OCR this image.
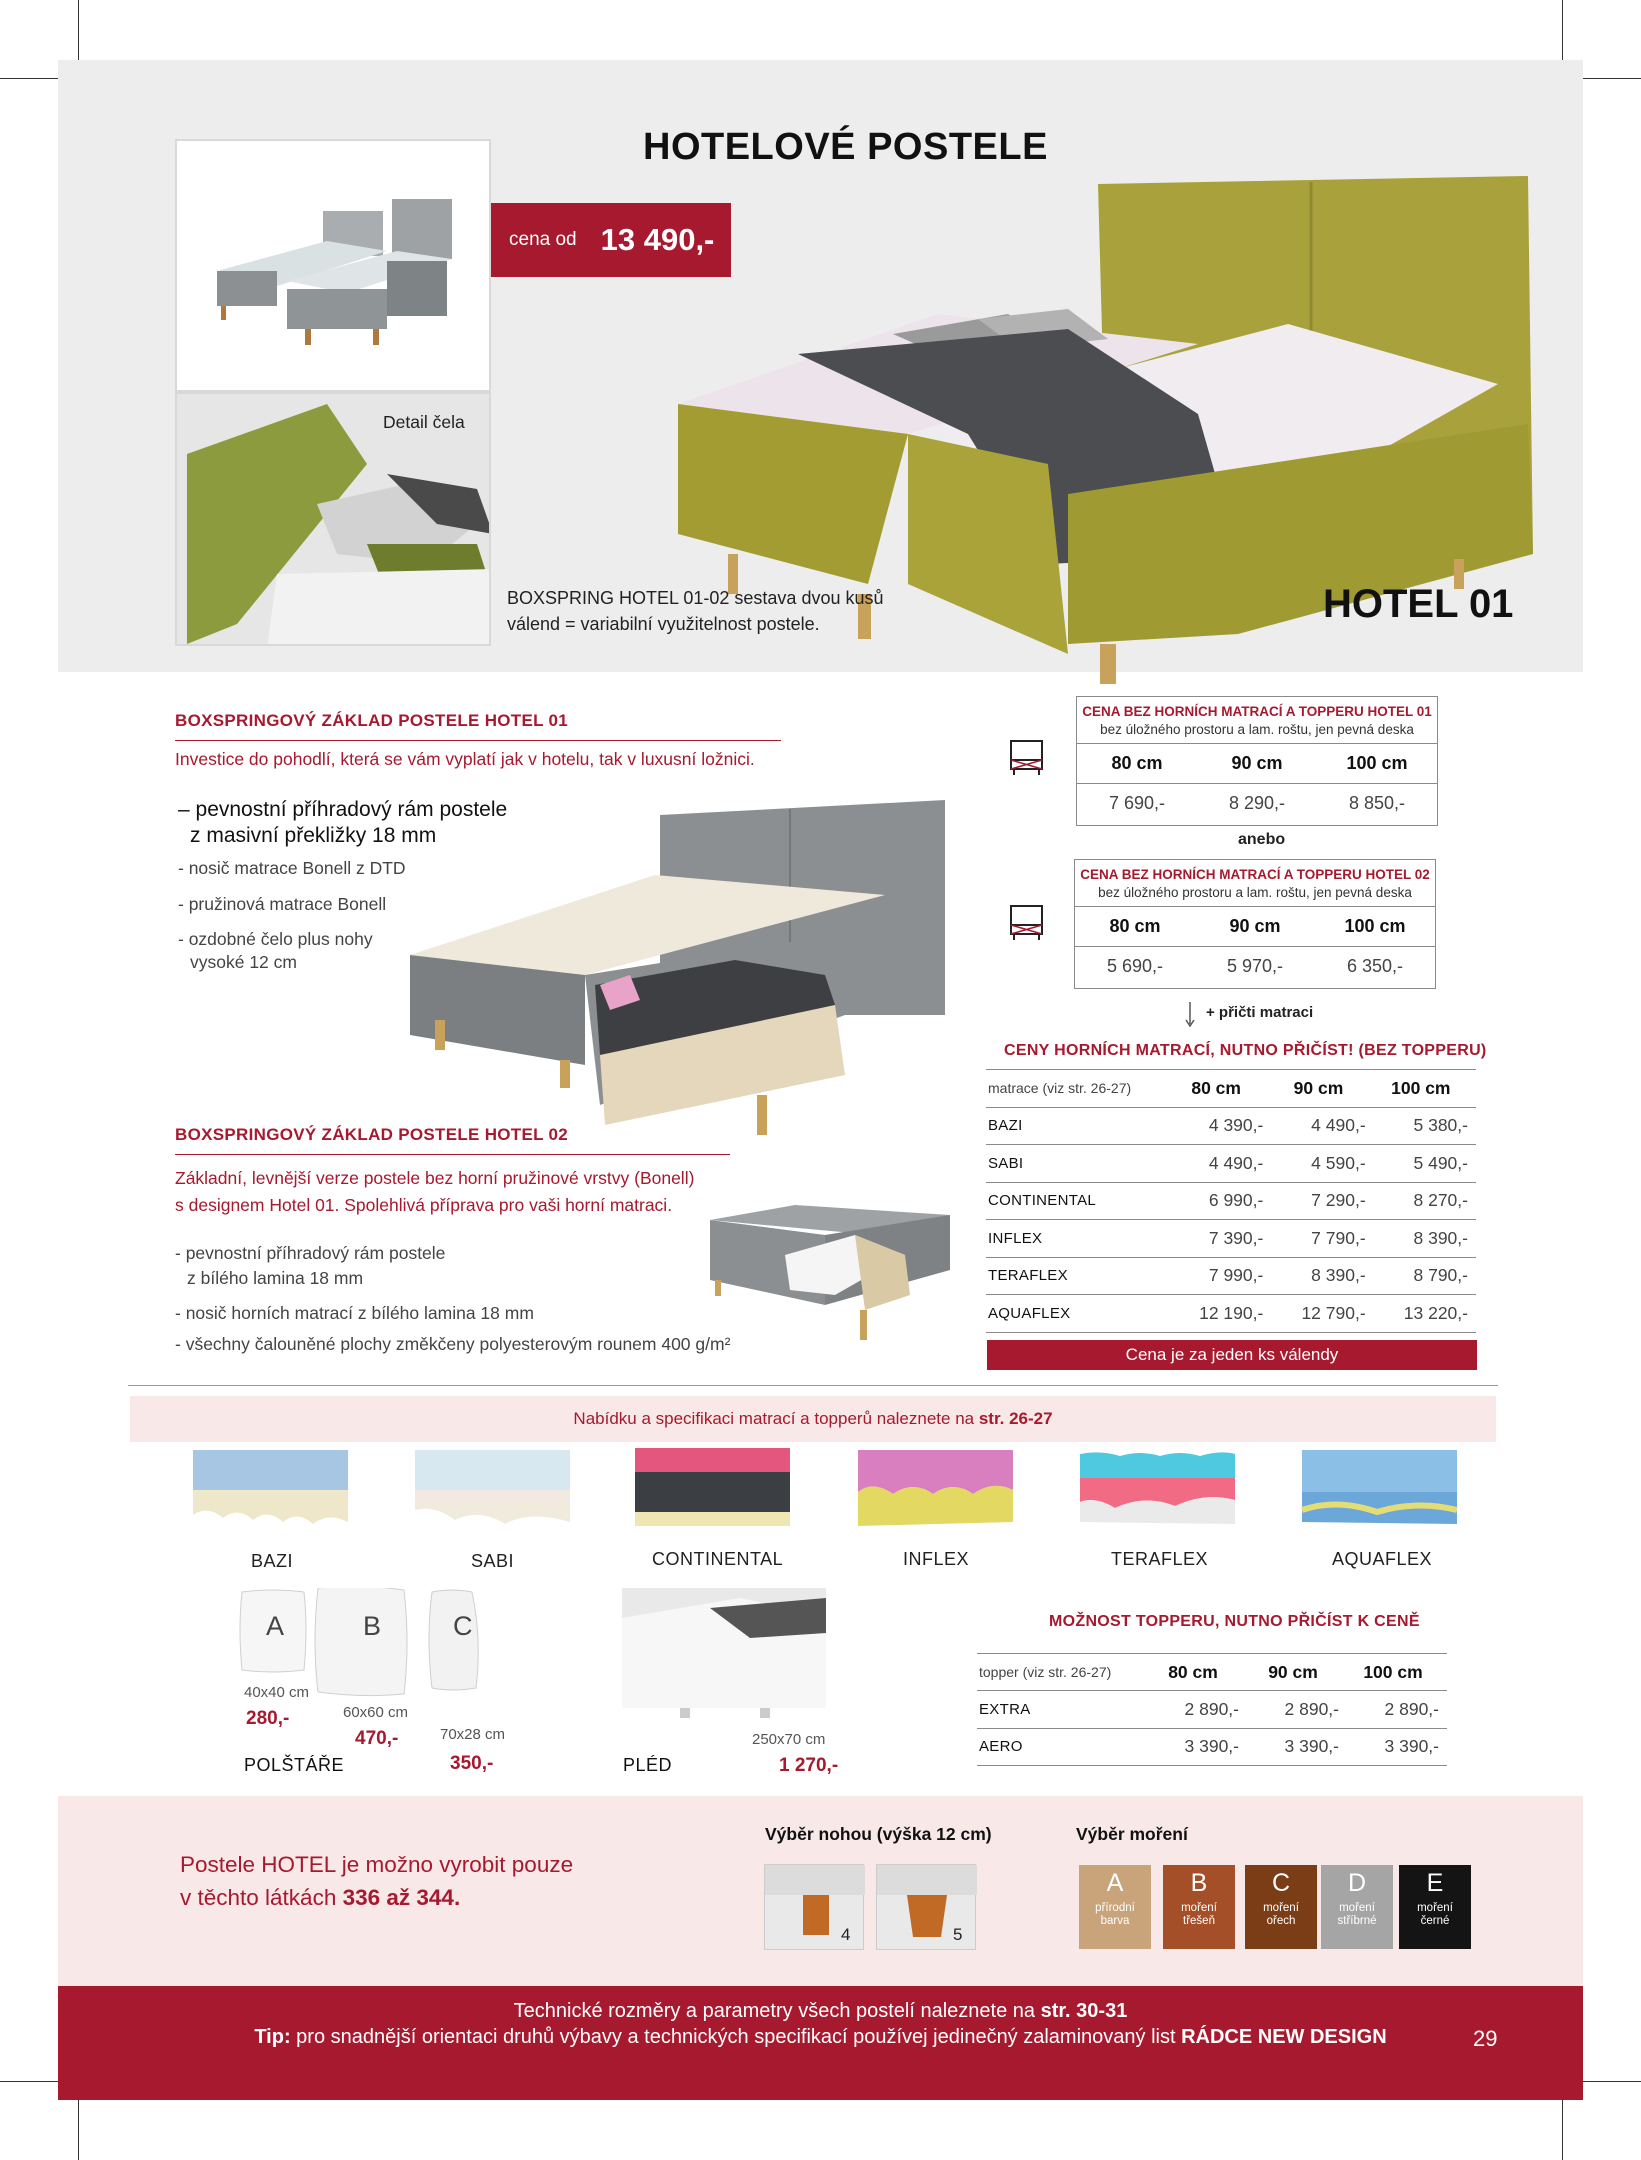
Detail čela
HOTELOVÉ POSTELE
cena od 13 490,-
BOXSPRING HOTEL 01-02 sestava dvou kusů
válend = variabilní využitelnost postele.	HOTEL 01
BOXSPRINGOVÝ ZÁKLAD POSTELE HOTEL 01
Investice do pohodlí, která se vám vyplatí jak v hotelu, tak v luxusní ložnici.
– pevnostní příhradový rám postele
z masivní překližky 18 mm
- nosič matrace Bonell z DTD
- pružinová matrace Bonell
- ozdobné čelo plus nohy
vysoké 12 cm
BOXSPRINGOVÝ ZÁKLAD POSTELE HOTEL 02
Základní, levnější verze postele bez horní pružinové vrstvy (Bonell)
s designem Hotel 01. Spolehlivá příprava pro vaši horní matraci.
- pevnostní příhradový rám postele
z bílého lamina 18 mm
- nosič horních matrací z bílého lamina 18 mm
- všechny čalouněné plochy změkčeny polyesterovým rounem 400 g/m²
CENA BEZ HORNÍCH MATRACÍ A TOPPERU HOTEL 01
bez úložného prostoru a lam. roštu, jen pevná deska
80 cm	90 cm	100 cm
7 690,-	8 290,-	8 850,-
anebo
CENA BEZ HORNÍCH MATRACÍ A TOPPERU HOTEL 02
bez úložného prostoru a lam. roštu, jen pevná deska
80 cm	90 cm	100 cm
5 690,-	5 970,-	6 350,-
+ přičti matraci
CENY HORNÍCH MATRACÍ, NUTNO PŘIČÍST! (BEZ TOPPERU)
matrace (viz str. 26-27)	80 cm	90 cm	100 cm
BAZI	4 390,-	4 490,-	5 380,-
SABI	4 490,-	4 590,-	5 490,-
CONTINENTAL	6 990,-	7 290,-	8 270,-
INFLEX	7 390,-	7 790,-	8 390,-
TERAFLEX	7 990,-	8 390,-	8 790,-
AQUAFLEX	12 190,-	12 790,-	13 220,-
Cena je za jeden ks válendy
Nabídku a specifikaci matrací a topperů naleznete na str. 26-27
BAZI	SABI	CONTINENTAL	INFLEX	TERAFLEX	AQUAFLEX
A	B	C
40x40 cm
280,-	60x60 cm
470,-	70x28 cm
350,-
POLŠTÁŘE	PLÉD
250x70 cm
1 270,-
MOŽNOST TOPPERU, NUTNO PŘIČÍST K CENĚ
topper (viz str. 26-27)	80 cm	90 cm	100 cm
EXTRA	2 890,-	2 890,-	2 890,-
AERO	3 390,-	3 390,-	3 390,-
Postele HOTEL je možno vyrobit pouze
v těchto látkách 336 až 344.
Výběr nohou (výška 12 cm)
4	5
Výběr moření
A
přírodní
barva
B
moření
třešeň
C
moření
ořech
D
moření
stříbrné
E
moření
černé
Technické rozměry a parametry všech postelí naleznete na str. 30-31
Tip: pro snadnější orientaci druhů výbavy a technických specifikací používej jedinečný zalaminovaný list RÁDCE NEW DESIGN	29
